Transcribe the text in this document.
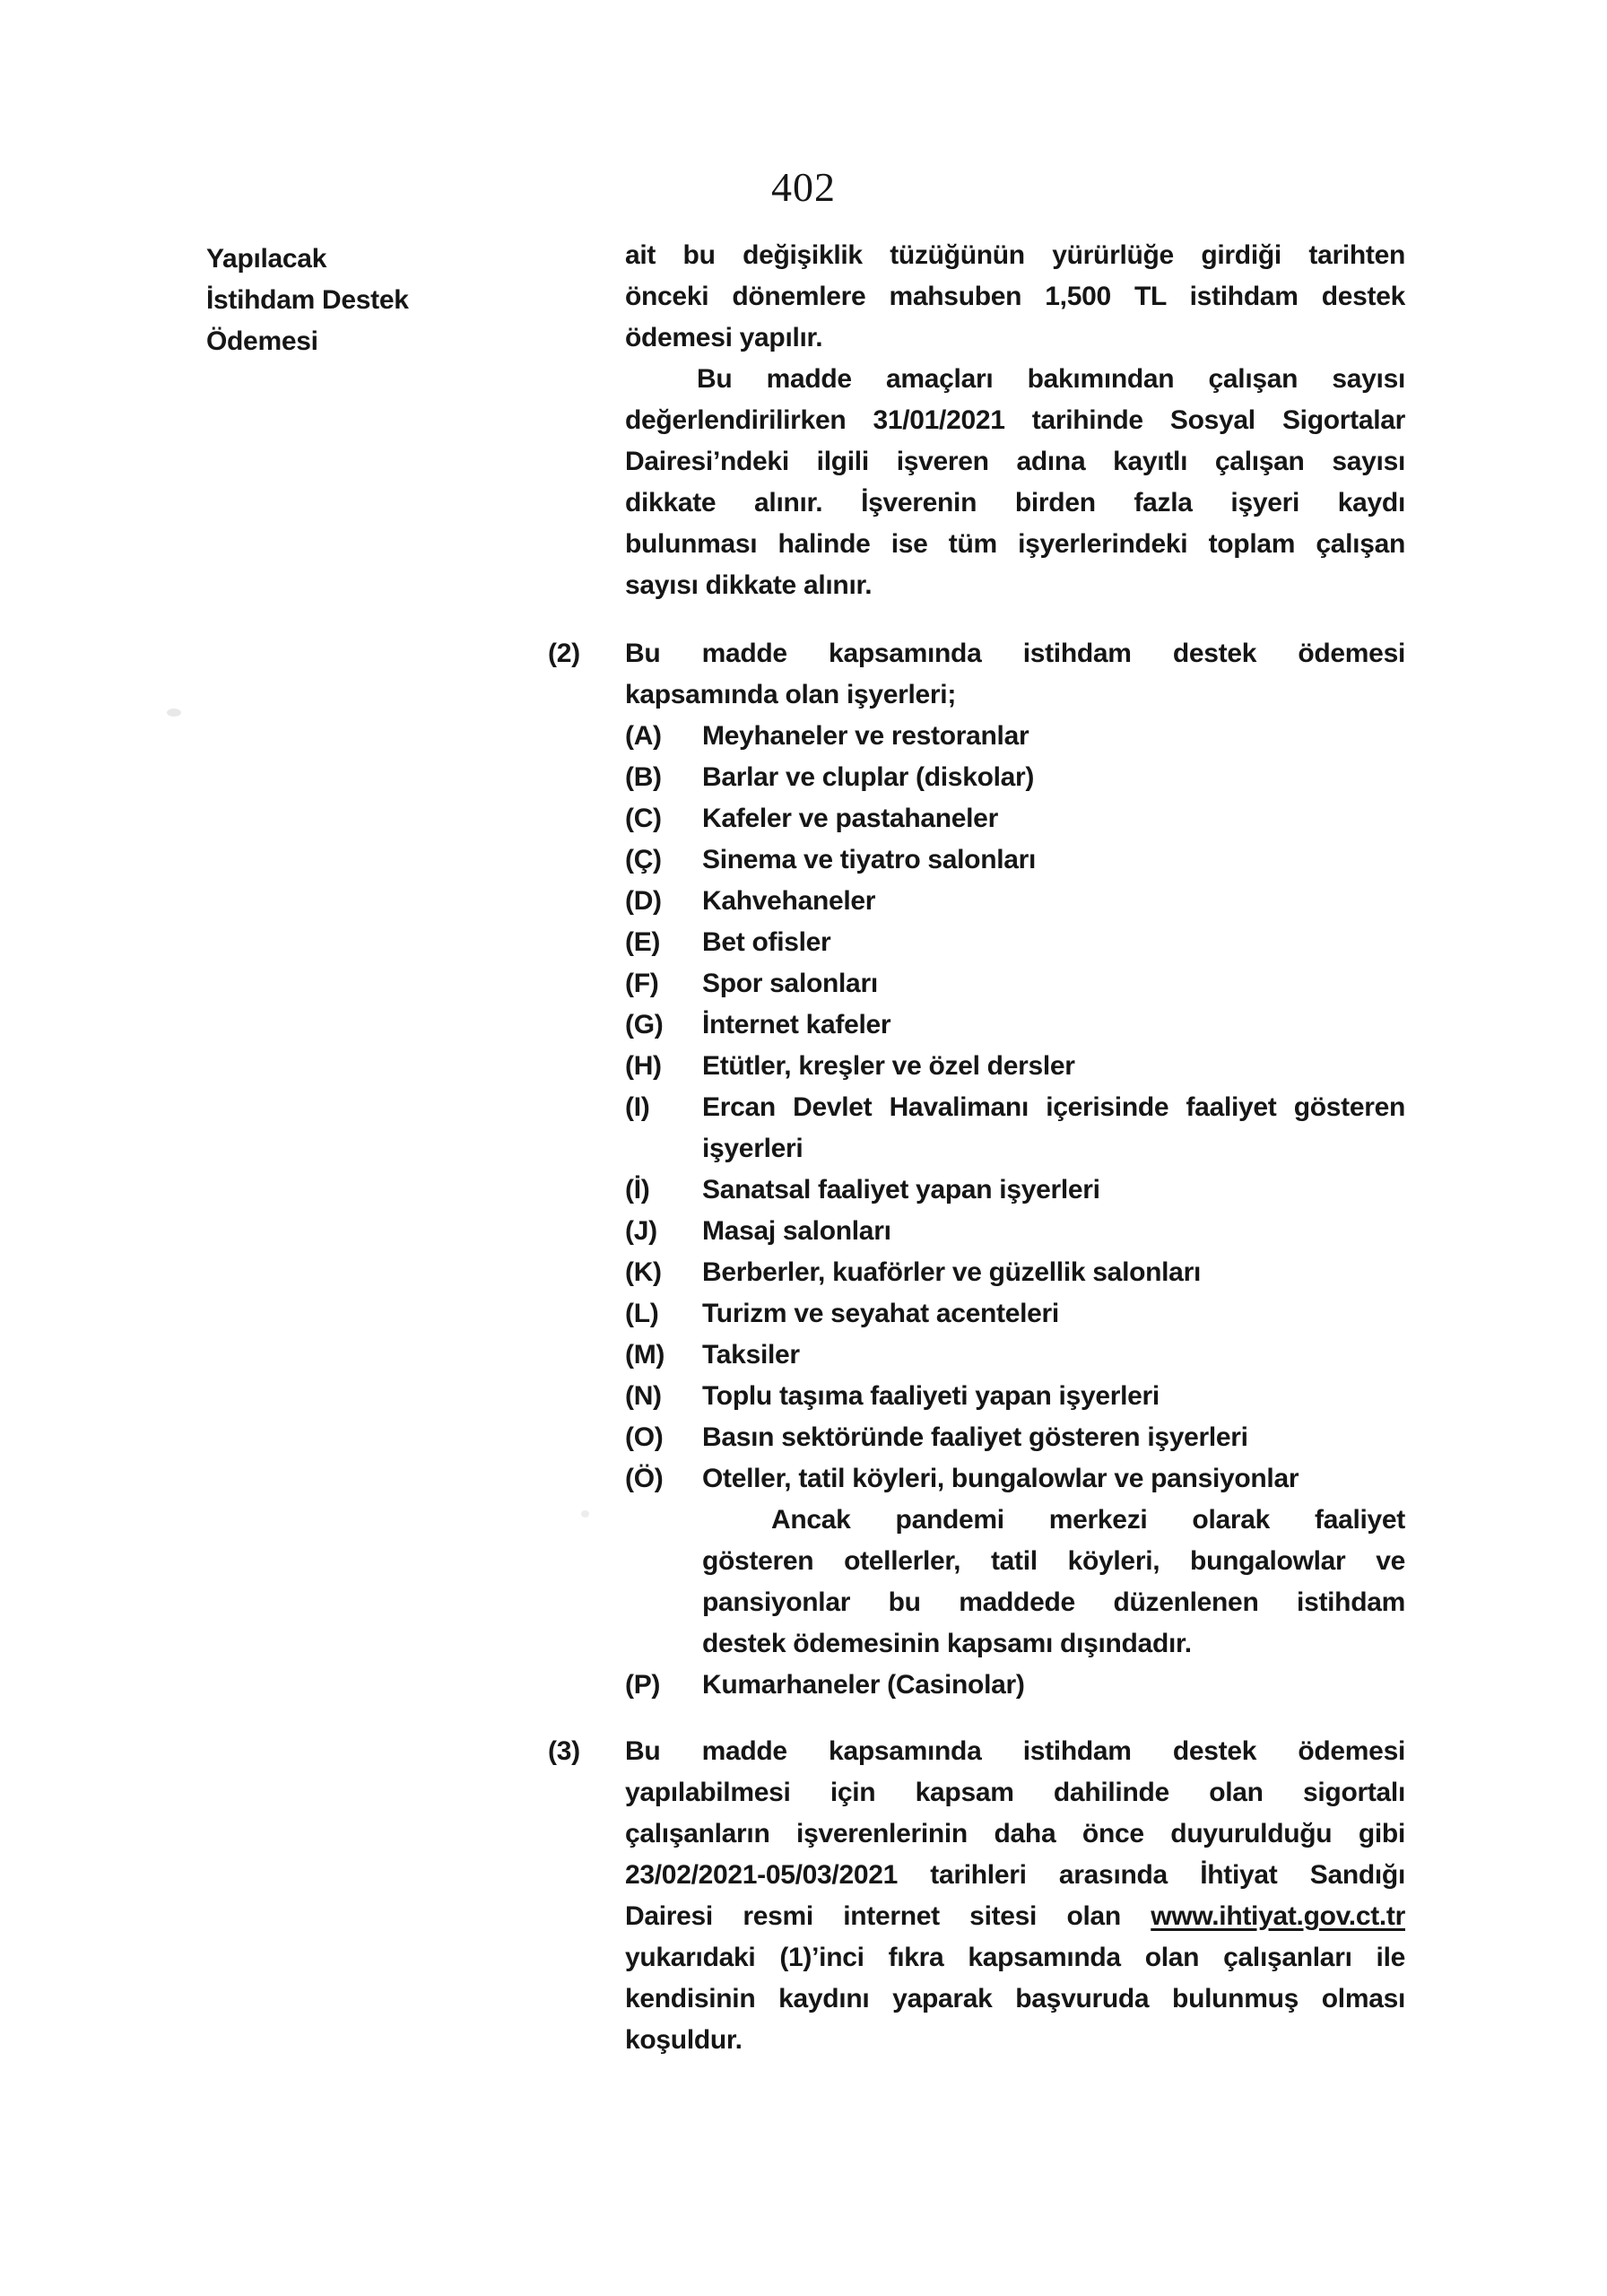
402
Yapılacak
İstihdam Destek
Ödemesi
ait bu değişiklik tüzüğünün yürürlüğe girdiği tarihten
önceki dönemlere mahsuben 1,500 TL istihdam destek
ödemesi yapılır.
Bu madde amaçları bakımından çalışan sayısı
değerlendirilirken 31/01/2021 tarihinde Sosyal Sigortalar
Dairesi’ndeki ilgili işveren adına kayıtlı çalışan sayısı
dikkate alınır. İşverenin birden fazla işyeri kaydı
bulunması halinde ise tüm işyerlerindeki toplam çalışan
sayısı dikkate alınır.
(2) Bu madde kapsamında istihdam destek ödemesi
kapsamında olan işyerleri;
(A)	Meyhaneler ve restoranlar
(B)	Barlar ve cluplar (diskolar)
(C)	Kafeler ve pastahaneler
(Ç)	Sinema ve tiyatro salonları
(D)	Kahvehaneler
(E)	Bet ofisler
(F)	Spor salonları
(G)	İnternet kafeler
(H)	Etütler, kreşler ve özel dersler
(I)	Ercan Devlet Havalimanı içerisinde faaliyet gösteren
işyerleri
(İ)	Sanatsal faaliyet yapan işyerleri
(J)	Masaj salonları
(K)	Berberler, kuaförler ve güzellik salonları
(L)	Turizm ve seyahat acenteleri
(M)	Taksiler
(N)	Toplu taşıma faaliyeti yapan işyerleri
(O)	Basın sektöründe faaliyet gösteren işyerleri
(Ö)	Oteller, tatil köyleri, bungalowlar ve pansiyonlar
Ancak pandemi merkezi olarak faaliyet
gösteren otellerler, tatil köyleri, bungalowlar ve
pansiyonlar bu maddede düzenlenen istihdam
destek ödemesinin kapsamı dışındadır.
(P)	Kumarhaneler (Casinolar)
(3) Bu madde kapsamında istihdam destek ödemesi
yapılabilmesi için kapsam dahilinde olan sigortalı
çalışanların işverenlerinin daha önce duyurulduğu gibi
23/02/2021-05/03/2021 tarihleri arasında İhtiyat Sandığı
Dairesi resmi internet sitesi olan www.ihtiyat.gov.ct.tr
yukarıdaki (1)’inci fıkra kapsamında olan çalışanları ile
kendisinin kaydını yaparak başvuruda bulunmuş olması
koşuldur.
